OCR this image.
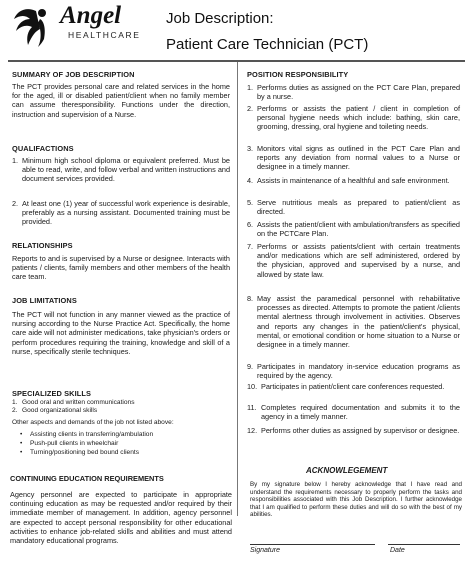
Angel
HEALTHCARE
Job Description:
Patient Care Technician (PCT)
SUMMARY OF JOB DESCRIPTION
The PCT provides personal care and related services in the home for the aged, ill or disabled patient/client when no family member can assume theresponsibility. Functions under the direction, instruction and supervision of a Nurse.
QUALIFACTIONS
1. Minimum high school diploma or equivalent preferred. Must be able to read, write, and follow verbal and written instructions and document services provided.
2. At least one (1) year of successful work experience is desirable, preferably as a nursing assistant. Documented training must be provided.
RELATIONSHIPS
Reports to and is supervised by a Nurse or designee. Interacts with patients / clients, family members and other members of the health care team.
JOB LIMITATIONS
The PCT will not function in any manner viewed as the practice of nursing according to the Nurse Practice Act. Specifically, the home care aide will not administer medications, take physician's orders or perform procedures requiring the training, knowledge and skill of a nurse, specifically sterile techniques.
SPECIALIZED SKILLS
1. Good oral and written communications
2. Good organizational skills
Other aspects and demands of the job not listed above:
•	Assisting clients in transferring/ambulation
•	Push-pull clients in wheelchair
•	Turning/positioning bed bound clients
CONTINUING EDUCATION REQUIREMENTS
Agency personnel are expected to participate in appropriate continuing education as may be requested and/or required by their immediate member of management. In addition, agency personnel are expected to accept personal responsibility for other educational activities to enhance job-related skills and abilities and must attend mandatory educational programs.
POSITION RESPONSIBILITY
1. Performs duties as assigned on the PCT Care Plan, prepared by a nurse.
2. Performs or assists the patient / client in completion of personal hygiene needs which include: bathing, skin care, grooming, dressing, oral hygiene and toileting needs.
3. Monitors vital signs as outlined in the PCT Care Plan and reports any deviation from normal values to a Nurse or designee in a timely manner.
4. Assists in maintenance of a healthful and safe environment.
5. Serve nutritious meals as prepared to patient/client as directed.
6. Assists the patient/client with ambulation/transfers as specified on the PCTCare Plan.
7. Performs or assists patients/client with certain treatments and/or medications which are self administered, ordered by the physician, approved and supervised by a nurse, and allowed by state law.
8. May assist the paramedical personnel with rehabilitative processes as directed. Attempts to promote the patient /clients mental alertness through involvement in activities. Observes and reports any changes in the patient/client's physical, mental, or emotional condition or home situation to a Nurse or designee in a timely manner.
9. Participates in mandatory in-service education programs as required by the agency.
10. Participates in patient/client care conferences requested.
11. Completes required documentation and submits it to the agency in a timely manner.
12. Performs other duties as assigned by supervisor or designee.
ACKNOWLEGEMENT
By my signature below I hereby acknowledge that I have read and understand the requirements necessary to properly perform the tasks and responsibilities associated with this Job Description. I further acknowledge that I am qualified to perform these duties and will do so with the best of my abilities.
Signature	Date
